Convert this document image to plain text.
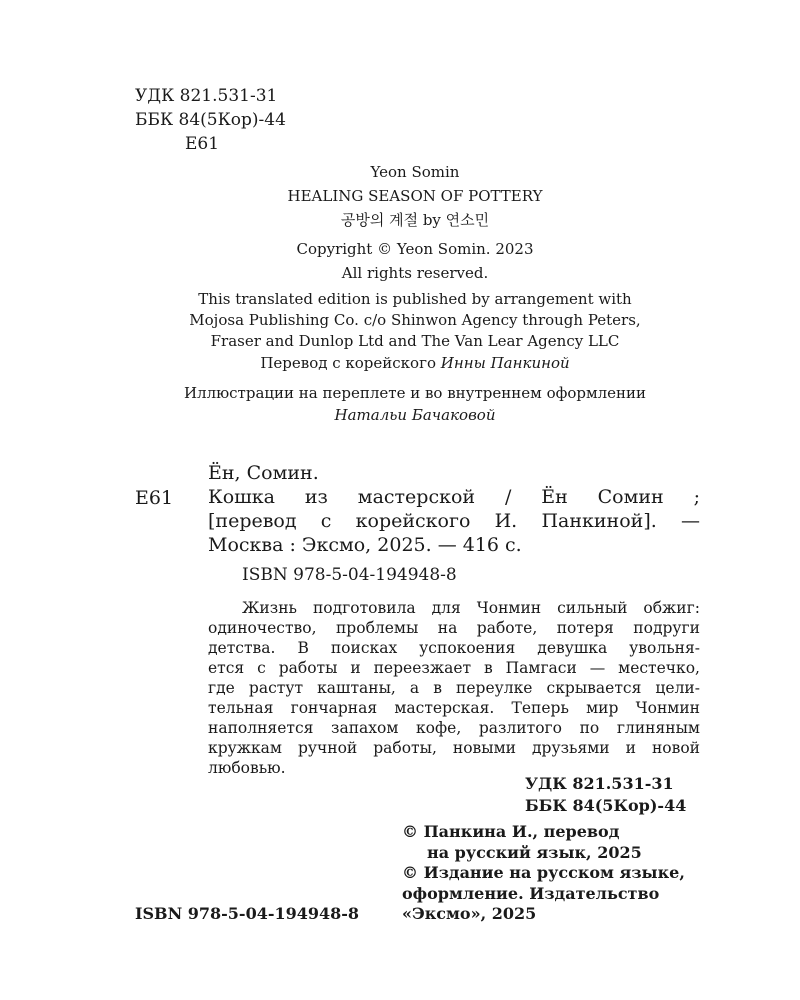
УДК 821.531-31
ББК 84(5Кор)-44
Е61
Yeon Somin
HEALING SEASON OF POTTERY
공방의 계절 by 연소민
Copyright © Yeon Somin. 2023
All rights reserved.
This translated edition is published by arrangement with
Mojosa Publishing Co. c/o Shinwon Agency through Peters,
Fraser and Dunlop Ltd and The Van Lear Agency LLC
Перевод с корейского Инны Панкиной
Иллюстрации на переплете и во внутреннем оформлении
Натальи Бачаковой
Ён, Сомин.
Е61 Кошка из мастерской / Ён Сомин ;
[перевод с корейского И. Панкиной]. —
Москва : Эксмо, 2025. — 416 с.
ISBN 978-5-04-194948-8
Жизнь подготовила для Чонмин сильный обжиг:
одиночество, проблемы на работе, потеря подруги
детства. В поисках успокоения девушка увольня-
ется с работы и переезжает в Памгаси — местечко,
где растут каштаны, а в переулке скрывается цели-
тельная гончарная мастерская. Теперь мир Чонмин
наполняется запахом кофе, разлитого по глиняным
кружкам ручной работы, новыми друзьями и новой
любовью.
УДК 821.531-31
ББК 84(5Кор)-44
ISBN 978-5-04-194948-8
© Панкина И., перевод
на русский язык, 2025
© Издание на русском языке,
оформление. Издательство
«Эксмо», 2025
